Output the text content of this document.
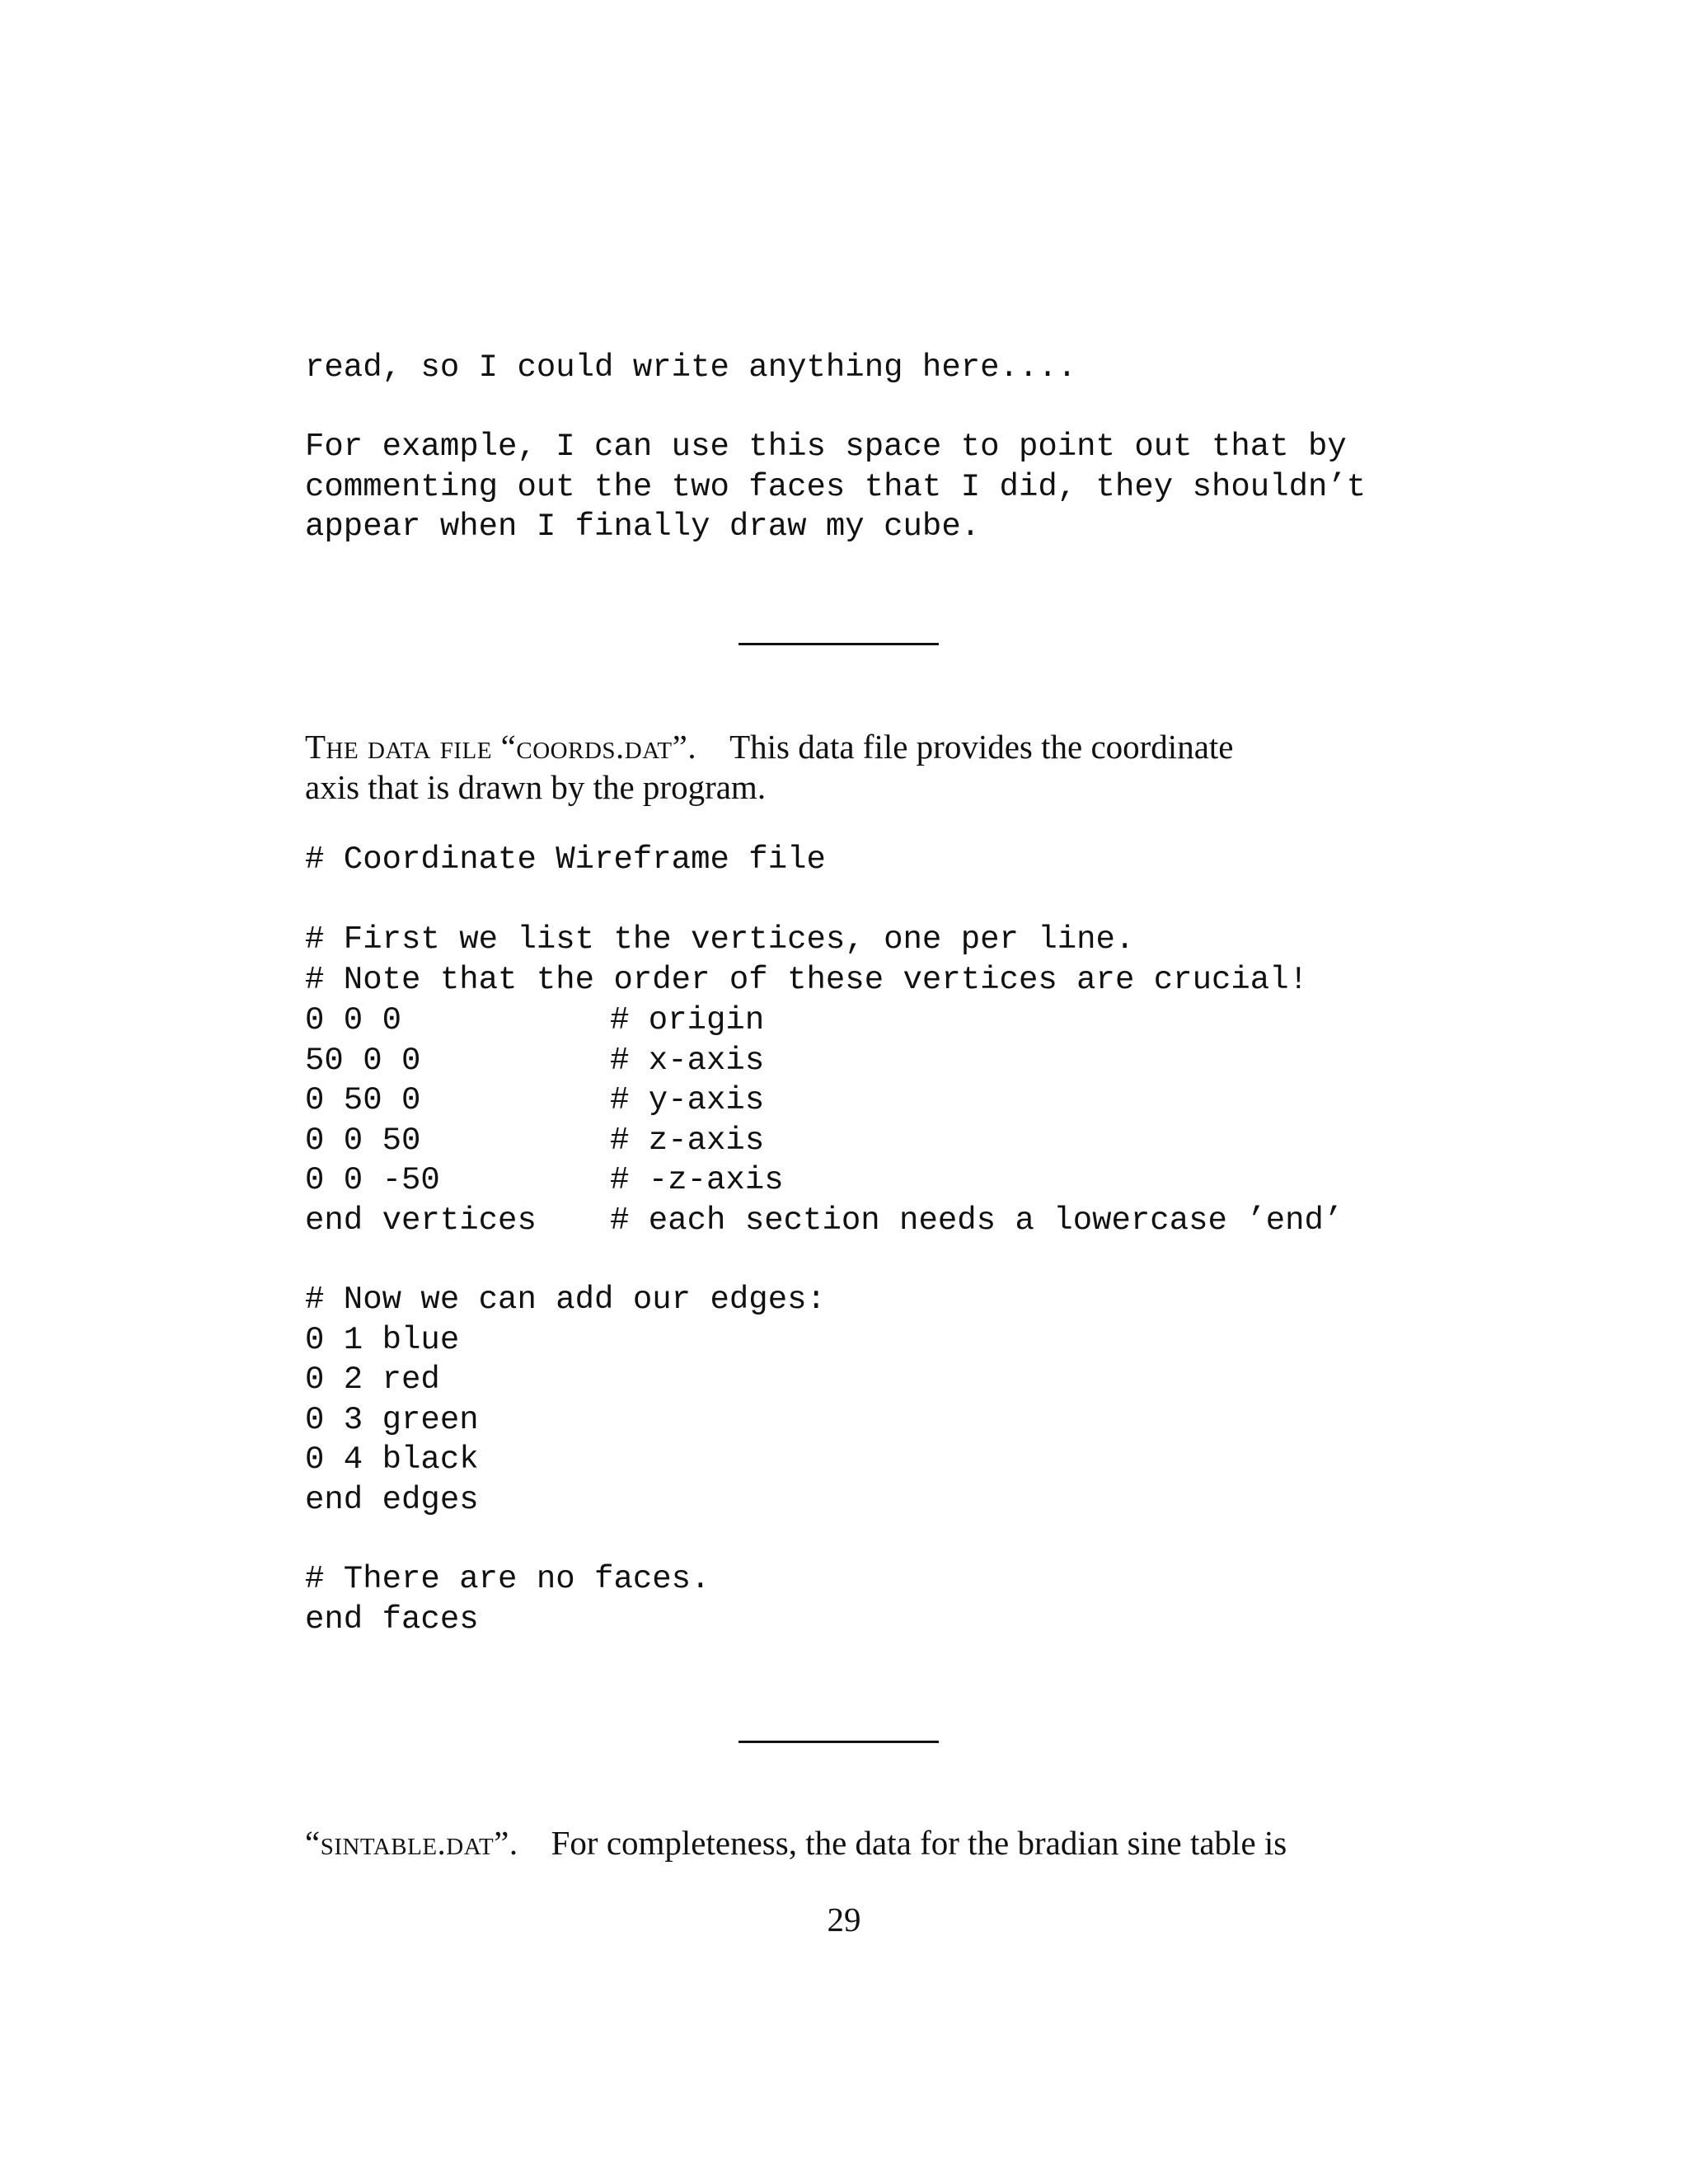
read, so I could write anything here....

For example, I can use this space to point out that by

commenting out the two faces that I did, they shouldn’t

appear when I finally draw my cube.

The data file “coords.dat”. This data file provides the coordinate

axis that is drawn by the program.

# Coordinate Wireframe file

# First we list the vertices, one per line.

# Note that the order of these vertices are crucial!

0 0 0	# origin
50 0 0	# x-axis
0 50 0	# y-axis
0 0 50	# z-axis
0 0 -50	# -z-axis
end vertices	# each section needs a lowercase ’end’

# Now we can add our edges:

0 1 blue

0 2 red

0 3 green

0 4 black

end edges

# There are no faces.

end faces

“sintable.dat”. For completeness, the data for the bradian sine table is

29
